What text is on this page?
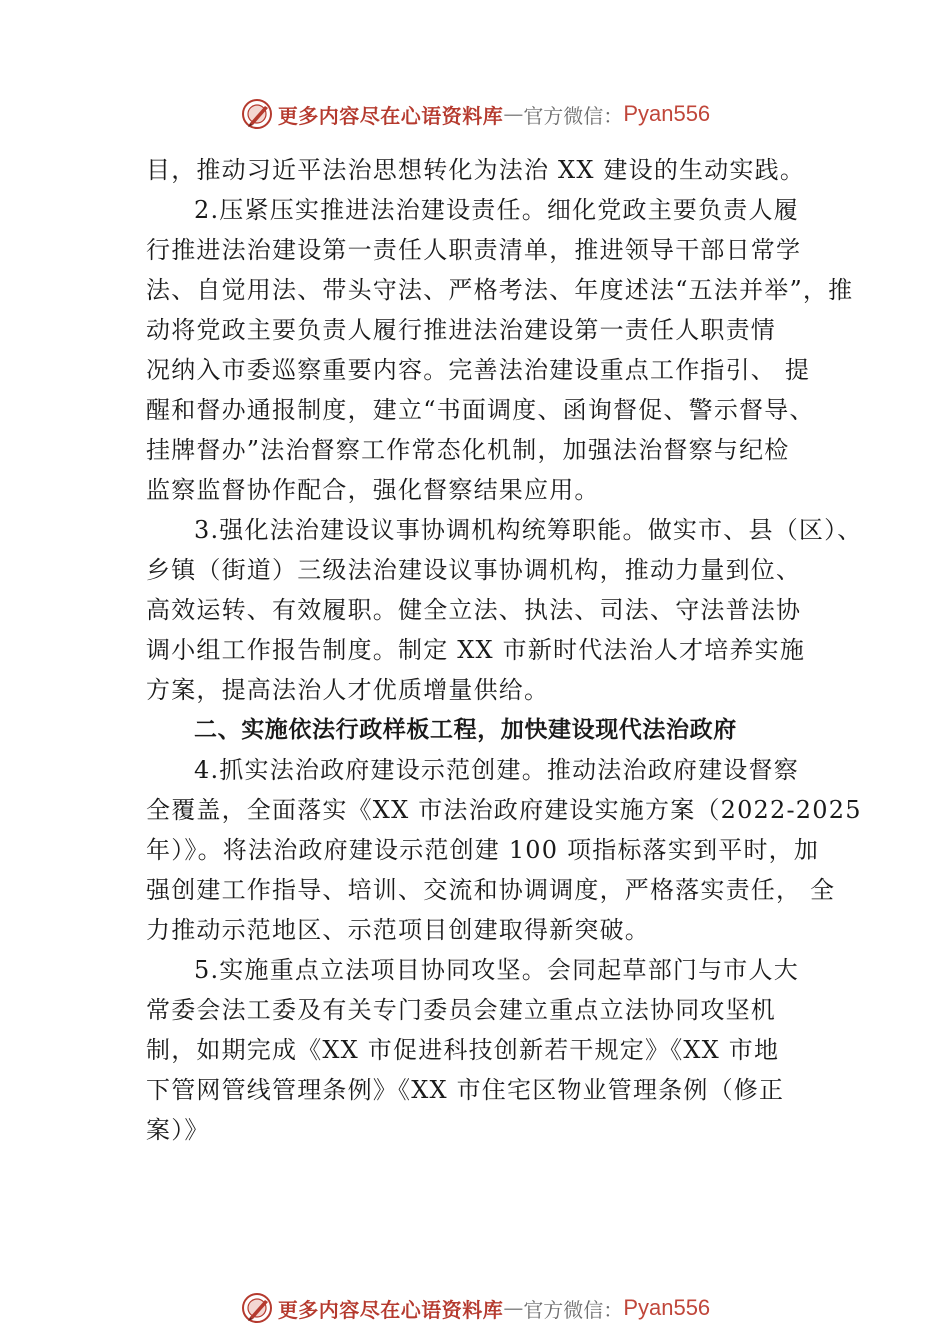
更多内容尽在心语资料库 — 官方微信： Pyan556
目，推动习近平法治思想转化为法治 XX 建设的生动实践。
2.压紧压实推进法治建设责任。细化党政主要负责人履
行推进法治建设第一责任人职责清单，推进领导干部日常学
法、自觉用法、带头守法、严格考法、年度述法“五法并举”，推
动将党政主要负责人履行推进法治建设第一责任人职责情
况纳入市委巡察重要内容。完善法治建设重点工作指引、 提
醒和督办通报制度，建立“书面调度、函询督促、警示督导、
挂牌督办”法治督察工作常态化机制，加强法治督察与纪检
监察监督协作配合，强化督察结果应用。
3.强化法治建设议事协调机构统筹职能。做实市、县（区）、
乡镇（街道）三级法治建设议事协调机构，推动力量到位、
高效运转、有效履职。健全立法、执法、司法、守法普法协
调小组工作报告制度。制定 XX 市新时代法治人才培养实施
方案，提高法治人才优质增量供给。
二、实施依法行政样板工程，加快建设现代法治政府
4.抓实法治政府建设示范创建。推动法治政府建设督察
全覆盖，全面落实《XX 市法治政府建设实施方案（2022-2025
年）》。将法治政府建设示范创建 100 项指标落实到平时，加
强创建工作指导、培训、交流和协调调度，严格落实责任， 全
力推动示范地区、示范项目创建取得新突破。
5.实施重点立法项目协同攻坚。会同起草部门与市人大
常委会法工委及有关专门委员会建立重点立法协同攻坚机
制，如期完成《XX 市促进科技创新若干规定》《XX 市地
下管网管线管理条例》《XX 市住宅区物业管理条例（修正
案）》
更多内容尽在心语资料库 — 官方微信： Pyan556
